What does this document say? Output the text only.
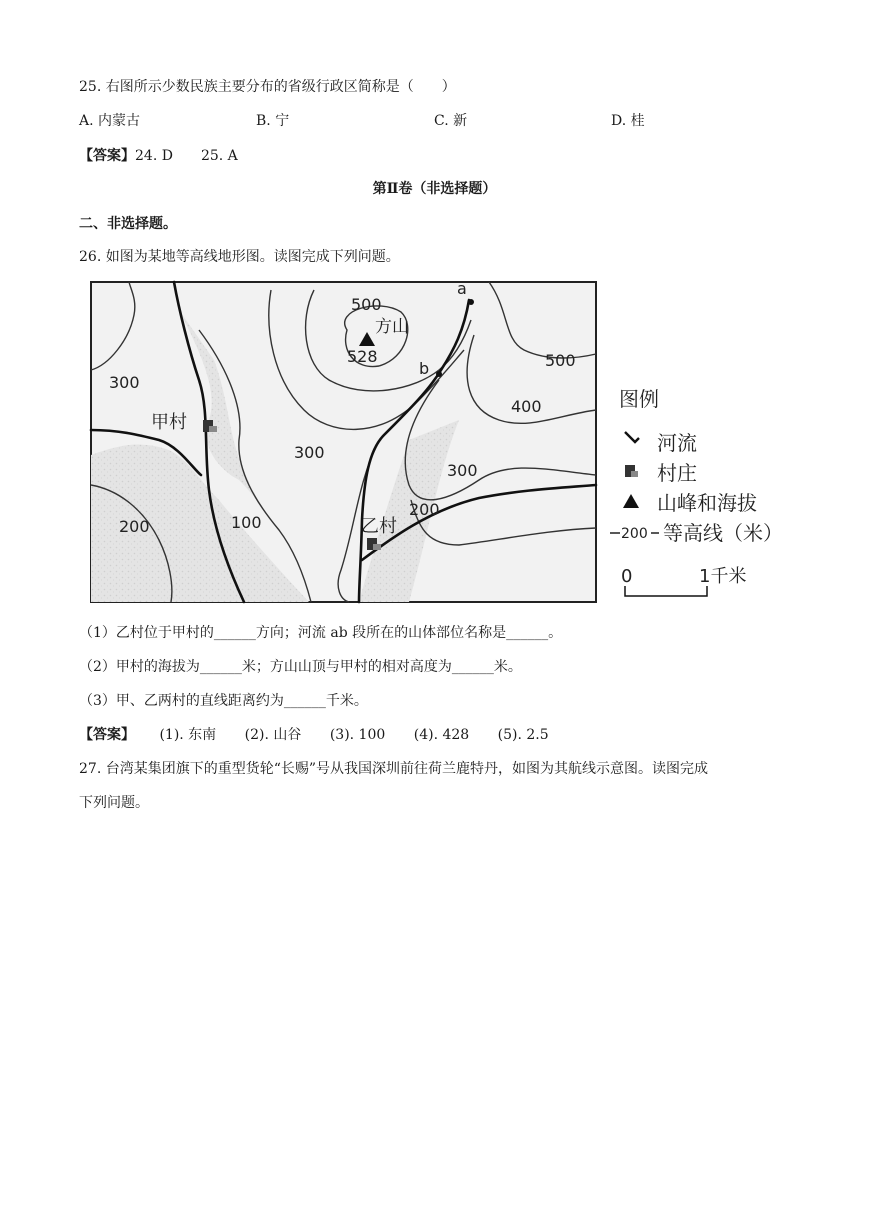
25. 右图所示少数民族主要分布的省级行政区简称是（　　）
A. 内蒙古	B. 宁	C. 新	D. 桂
【答案】24. D　　25. A
第Ⅱ卷（非选择题）
二、非选择题。
26. 如图为某地等高线地形图。读图完成下列问题。
a
b
方山
528
甲村
乙村
500
500
400
300
300
300
200
200	100
图例
河流
村庄
山峰和海拔
200 等高线（米）
0	1千米
（1）乙村位于甲村的______方向；河流 ab 段所在的山体部位名称是______。
（2）甲村的海拔为______米；方山山顶与甲村的相对高度为______米。
（3）甲、乙两村的直线距离约为______千米。
【答案】 (1). 东南 (2). 山谷 (3). 100 (4). 428 (5). 2.5
27. 台湾某集团旗下的重型货轮“长赐”号从我国深圳前往荷兰鹿特丹，如图为其航线示意图。读图完成
下列问题。
